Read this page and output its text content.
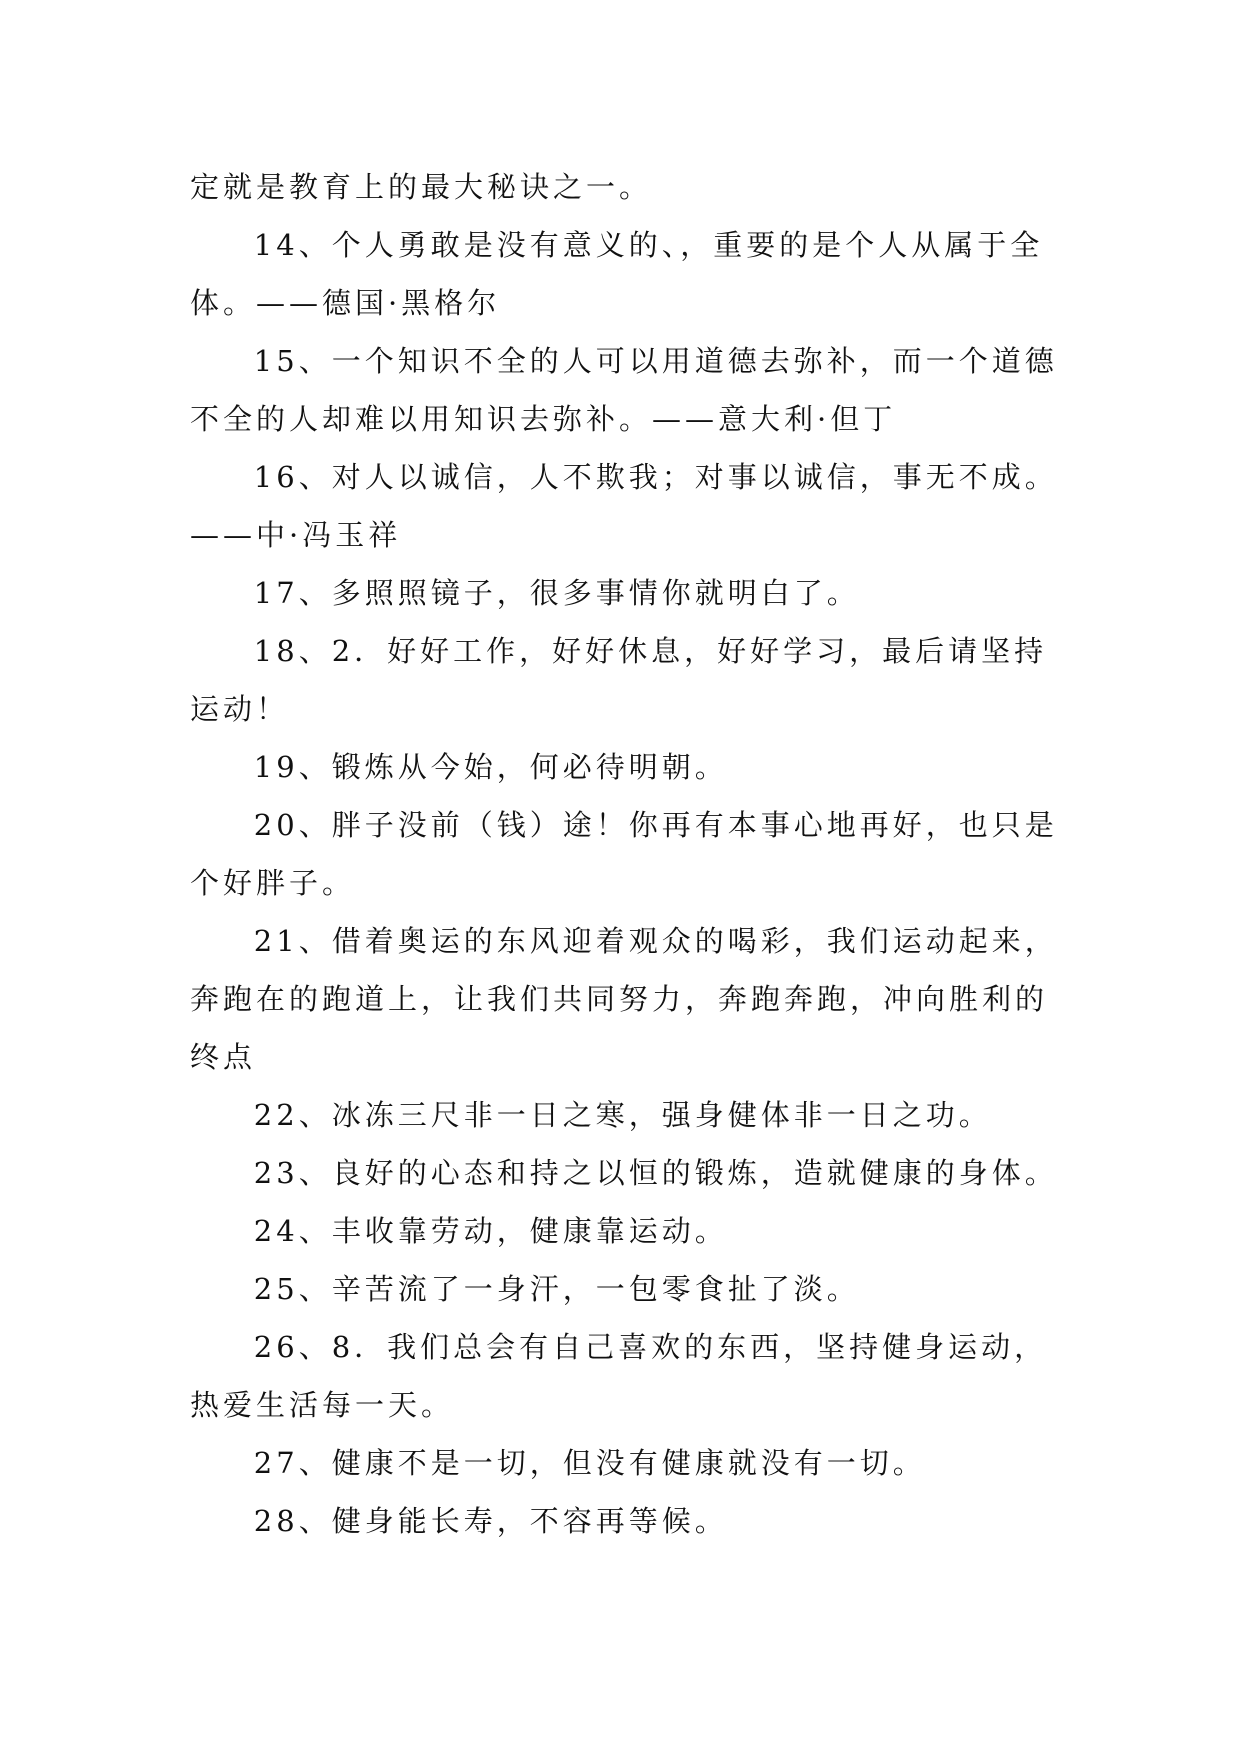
定就是教育上的最大秘诀之一。

14、个人勇敢是没有意义的、，重要的是个人从属于全体。——德国·黑格尔

15、一个知识不全的人可以用道德去弥补，而一个道德不全的人却难以用知识去弥补。——意大利·但丁

16、对人以诚信，人不欺我；对事以诚信，事无不成。——中·冯玉祥

17、多照照镜子，很多事情你就明白了。

18、2．好好工作，好好休息，好好学习，最后请坚持运动！

19、锻炼从今始，何必待明朝。

20、胖子没前（钱）途！你再有本事心地再好，也只是个好胖子。

21、借着奥运的东风迎着观众的喝彩，我们运动起来，奔跑在的跑道上，让我们共同努力，奔跑奔跑，冲向胜利的终点

22、冰冻三尺非一日之寒，强身健体非一日之功。

23、良好的心态和持之以恒的锻炼，造就健康的身体。

24、丰收靠劳动，健康靠运动。

25、辛苦流了一身汗，一包零食扯了淡。

26、8．我们总会有自己喜欢的东西，坚持健身运动，热爱生活每一天。

27、健康不是一切，但没有健康就没有一切。

28、健身能长寿，不容再等候。
